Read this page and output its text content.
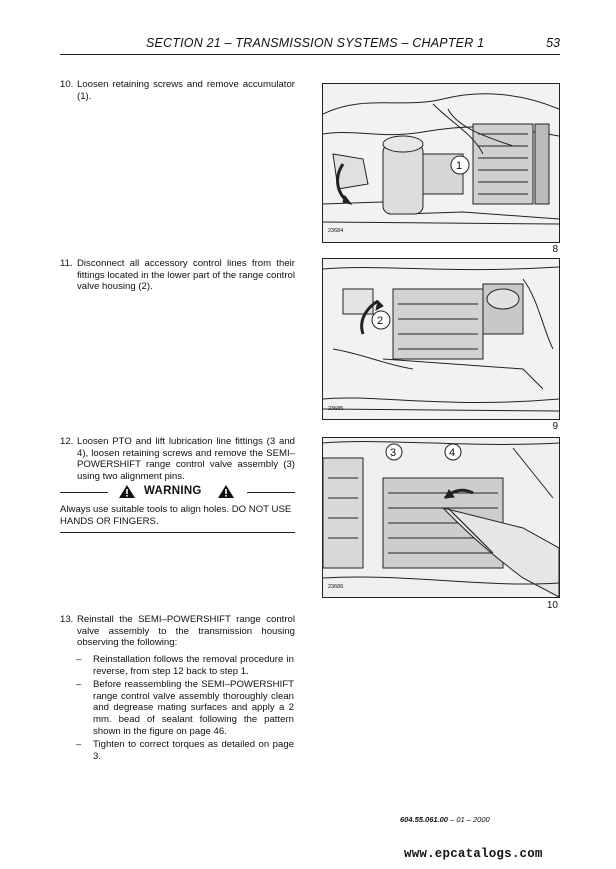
SECTION 21 – TRANSMISSION SYSTEMS – CHAPTER 1	53
10. Loosen retaining screws and remove accumulator (1).
1
23684
8
11. Disconnect all accessory control lines from their fittings located in the lower part of the range control valve housing (2).
2
23685
9
12. Loosen PTO and lift lubrication line fittings (3 and 4), loosen retaining screws and remove the SEMI–POWERSHIFT range control valve assembly (3) using two alignment pins.
WARNING
Always use suitable tools to align holes. DO NOT USE HANDS OR FINGERS.
3	4
23686
10
13. Reinstall the SEMI–POWERSHIFT range control valve assembly to the transmission housing observing the following:
– Reinstallation follows the removal procedure in reverse, from step 12 back to step 1.
– Before reassembling the SEMI–POWERSHIFT range control valve assembly thoroughly clean and degrease mating surfaces and apply a 2 mm. bead of sealant following the pattern shown in the figure on page 46.
– Tighten to correct torques as detailed on page 3.
604.55.061.00 – 01 – 2000
www.epcatalogs.com
